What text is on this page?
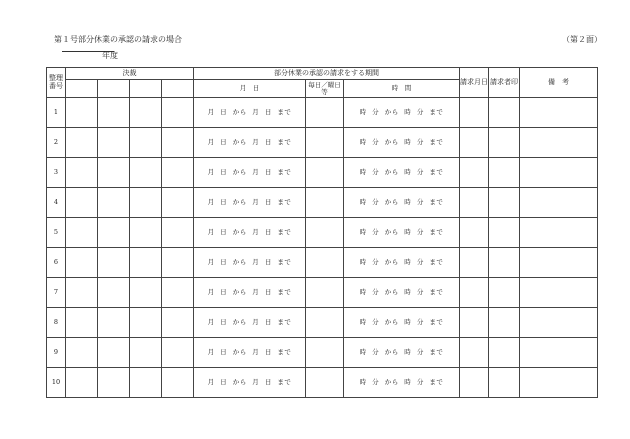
第１号部分休業の承認の請求の場合	（第２面）
年度
整理番号	決裁				部分休業の承認の請求をする期間			請求月日	請求者印	備　考
					月　日	毎日／曜日等	時　間			
1					月 日 から 月 日 まで		時 分 から 時 分 まで			
2					月 日 から 月 日 まで		時 分 から 時 分 まで			
3					月 日 から 月 日 まで		時 分 から 時 分 まで			
4					月 日 から 月 日 まで		時 分 から 時 分 まで			
5					月 日 から 月 日 まで		時 分 から 時 分 まで			
6					月 日 から 月 日 まで		時 分 から 時 分 まで			
7					月 日 から 月 日 まで		時 分 から 時 分 まで			
8					月 日 から 月 日 まで		時 分 から 時 分 まで			
9					月 日 から 月 日 まで		時 分 から 時 分 まで			
10					月 日 から 月 日 まで		時 分 から 時 分 まで			
